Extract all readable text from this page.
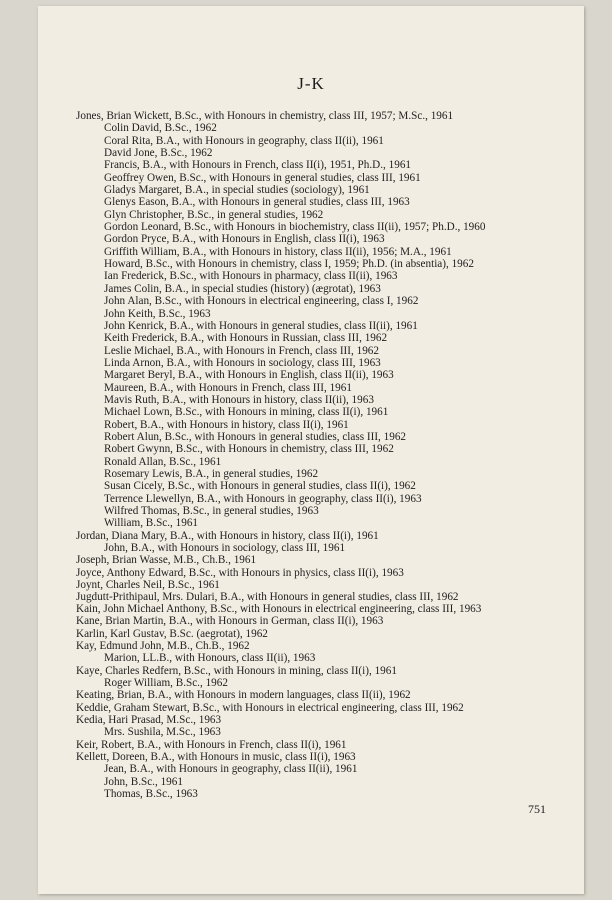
J-K
Jones, Brian Wickett, B.Sc., with Honours in chemistry, class III, 1957; M.Sc., 1961
Colin David, B.Sc., 1962
Coral Rita, B.A., with Honours in geography, class II(ii), 1961
David Jone, B.Sc., 1962
Francis, B.A., with Honours in French, class II(i), 1951, Ph.D., 1961
Geoffrey Owen, B.Sc., with Honours in general studies, class III, 1961
Gladys Margaret, B.A., in special studies (sociology), 1961
Glenys Eason, B.A., with Honours in general studies, class III, 1963
Glyn Christopher, B.Sc., in general studies, 1962
Gordon Leonard, B.Sc., with Honours in biochemistry, class II(ii), 1957; Ph.D., 1960
Gordon Pryce, B.A., with Honours in English, class II(i), 1963
Griffith William, B.A., with Honours in history, class II(ii), 1956; M.A., 1961
Howard, B.Sc., with Honours in chemistry, class I, 1959; Ph.D. (in absentia), 1962
Ian Frederick, B.Sc., with Honours in pharmacy, class II(ii), 1963
James Colin, B.A., in special studies (history) (ægrotat), 1963
John Alan, B.Sc., with Honours in electrical engineering, class I, 1962
John Keith, B.Sc., 1963
John Kenrick, B.A., with Honours in general studies, class II(ii), 1961
Keith Frederick, B.A., with Honours in Russian, class III, 1962
Leslie Michael, B.A., with Honours in French, class III, 1962
Linda Arnon, B.A., with Honours in sociology, class III, 1963
Margaret Beryl, B.A., with Honours in English, class II(ii), 1963
Maureen, B.A., with Honours in French, class III, 1961
Mavis Ruth, B.A., with Honours in history, class II(ii), 1963
Michael Lown, B.Sc., with Honours in mining, class II(i), 1961
Robert, B.A., with Honours in history, class II(i), 1961
Robert Alun, B.Sc., with Honours in general studies, class III, 1962
Robert Gwynn, B.Sc., with Honours in chemistry, class III, 1962
Ronald Allan, B.Sc., 1961
Rosemary Lewis, B.A., in general studies, 1962
Susan Cicely, B.Sc., with Honours in general studies, class II(i), 1962
Terrence Llewellyn, B.A., with Honours in geography, class II(i), 1963
Wilfred Thomas, B.Sc., in general studies, 1963
William, B.Sc., 1961
Jordan, Diana Mary, B.A., with Honours in history, class II(i), 1961
John, B.A., with Honours in sociology, class III, 1961
Joseph, Brian Wasse, M.B., Ch.B., 1961
Joyce, Anthony Edward, B.Sc., with Honours in physics, class II(i), 1963
Joynt, Charles Neil, B.Sc., 1961
Jugdutt-Prithipaul, Mrs. Dulari, B.A., with Honours in general studies, class III, 1962
Kain, John Michael Anthony, B.Sc., with Honours in electrical engineering, class III, 1963
Kane, Brian Martin, B.A., with Honours in German, class II(i), 1963
Karlin, Karl Gustav, B.Sc. (aegrotat), 1962
Kay, Edmund John, M.B., Ch.B., 1962
Marion, LL.B., with Honours, class II(ii), 1963
Kaye, Charles Redfern, B.Sc., with Honours in mining, class II(i), 1961
Roger William, B.Sc., 1962
Keating, Brian, B.A., with Honours in modern languages, class II(ii), 1962
Keddie, Graham Stewart, B.Sc., with Honours in electrical engineering, class III, 1962
Kedia, Hari Prasad, M.Sc., 1963
Mrs. Sushila, M.Sc., 1963
Keir, Robert, B.A., with Honours in French, class II(i), 1961
Kellett, Doreen, B.A., with Honours in music, class II(i), 1963
Jean, B.A., with Honours in geography, class II(ii), 1961
John, B.Sc., 1961
Thomas, B.Sc., 1963
751
